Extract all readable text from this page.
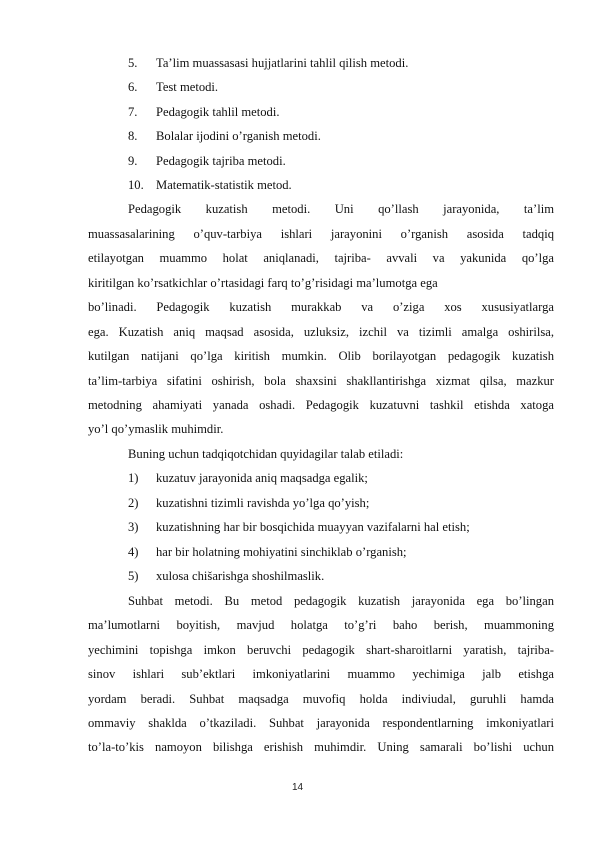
5. Ta’lim muassasasi hujjatlarini tahlil qilish metodi.
6. Test metodi.
7. Pedagogik tahlil metodi.
8. Bolalar ijodini o’rganish metodi.
9. Pedagogik tajriba metodi.
10. Matematik-statistik metod.
Pedagogik kuzatish metodi. Uni qo’llash jarayonida, ta’lim
muassasalarining o’quv-tarbiya ishlari jarayonini o’rganish asosida tadqiq
etilayotgan muammo holat aniqlanadi, tajriba- avvali va yakunida qo’lga
kiritilgan ko’rsatkichlar o’rtasidagi farq to’g’risidagi ma’lumotga ega
bo’linadi. Pedagogik kuzatish murakkab va o’ziga xos xususiyatlarga
ega. Kuzatish aniq maqsad asosida, uzluksiz, izchil va tizimli amalga oshirilsa,
kutilgan natijani qo’lga kiritish mumkin. Olib borilayotgan pedagogik kuzatish
ta’lim-tarbiya sifatini oshirish, bola shaxsini shakllantirishga xizmat qilsa, mazkur
metodning ahamiyati yanada oshadi. Pedagogik kuzatuvni tashkil etishda xatoga
yo’l qo’ymaslik muhimdir.
Buning uchun tadqiqotchidan quyidagilar talab etiladi:
1) kuzatuv jarayonida aniq maqsadga egalik;
2) kuzatishni tizimli ravishda yo’lga qo’yish;
3) kuzatishning har bir bosqichida muayyan vazifalarni hal etish;
4) har bir holatning mohiyatini sinchiklab o’rganish;
5) xulosa chišarishga shoshilmaslik.
Suhbat metodi. Bu metod pedagogik kuzatish jarayonida ega bo’lingan
ma’lumotlarni boyitish, mavjud holatga to’g’ri baho berish, muammoning
yechimini topishga imkon beruvchi pedagogik shart-sharoitlarni yaratish, tajriba-
sinov ishlari sub’ektlari imkoniyatlarini muammo yechimiga jalb etishga
yordam beradi. Suhbat maqsadga muvofiq holda indiviudal, guruhli hamda
ommaviy shaklda o’tkaziladi. Suhbat jarayonida respondentlarning imkoniyatlari
to’la-to’kis namoyon bilishga erishish muhimdir. Uning samarali bo’lishi uchun
14
